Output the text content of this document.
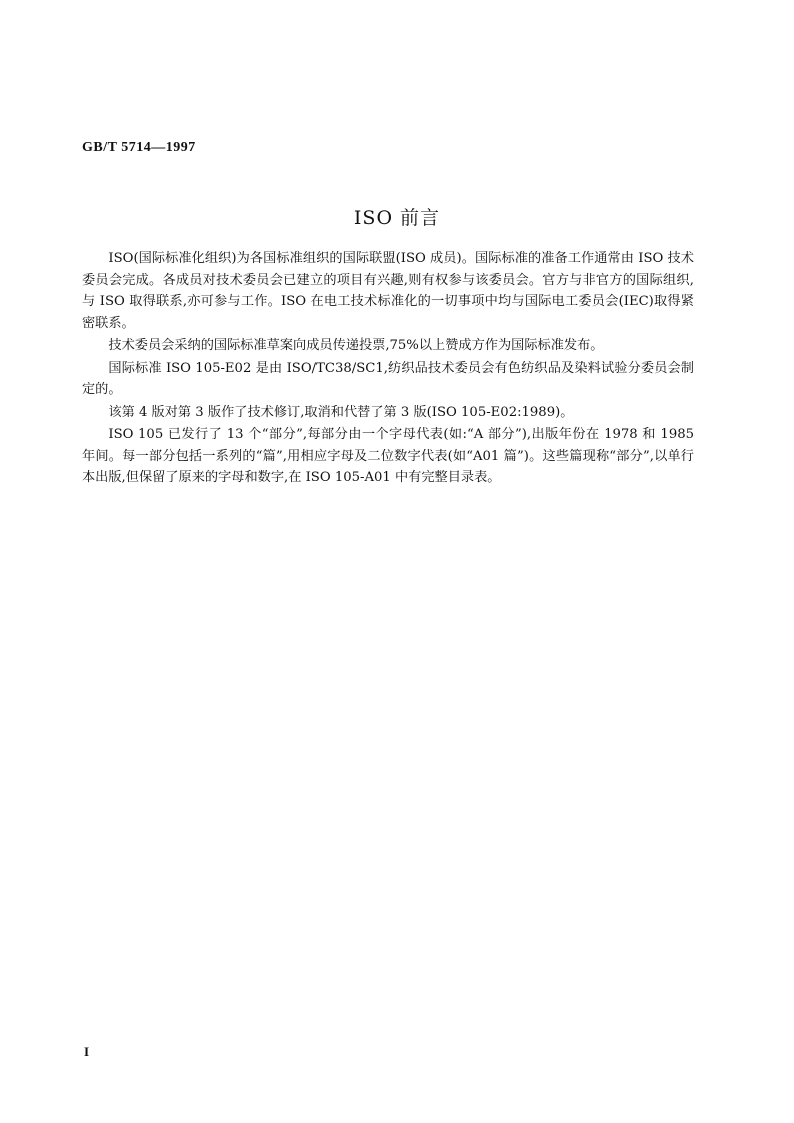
GB/T 5714—1997
ISO 前言

ISO(国际标准化组织)为各国标准组织的国际联盟(ISO 成员)。国际标准的准备工作通常由 ISO 技术委员会完成。各成员对技术委员会已建立的项目有兴趣,则有权参与该委员会。官方与非官方的国际组织,与 ISO 取得联系,亦可参与工作。ISO 在电工技术标准化的一切事项中均与国际电工委员会(IEC)取得紧密联系。

技术委员会采纳的国际标准草案向成员传递投票,75%以上赞成方作为国际标准发布。

国际标准 ISO 105-E02 是由 ISO/TC38/SC1,纺织品技术委员会有色纺织品及染料试验分委员会制定的。

该第 4 版对第 3 版作了技术修订,取消和代替了第 3 版(ISO 105-E02:1989)。

ISO 105 已发行了 13 个“部分”,每部分由一个字母代表(如:“A 部分”),出版年份在 1978 和 1985 年间。每一部分包括一系列的“篇”,用相应字母及二位数字代表(如“A01 篇”)。这些篇现称“部分”,以单行本出版,但保留了原来的字母和数字,在 ISO 105-A01 中有完整目录表。

I
